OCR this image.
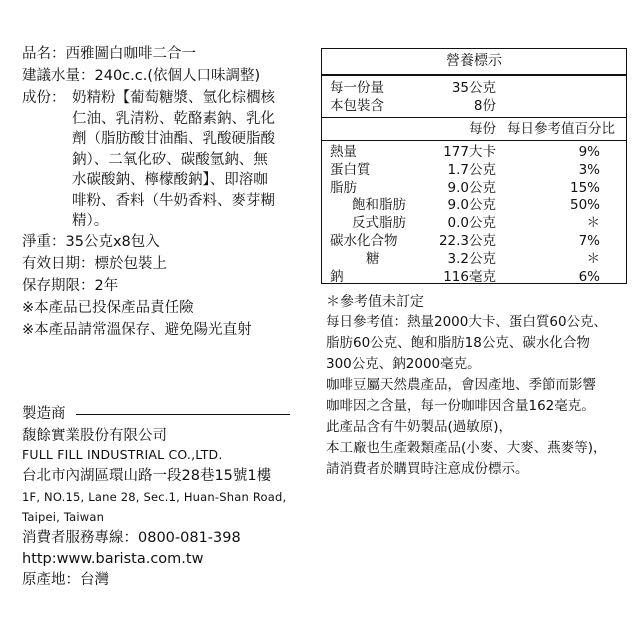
品名：西雅圖白咖啡二合一
建議水量：240c.c.(依個人口味調整)
成份： 奶精粉【葡萄糖漿、氫化棕櫚核
仁油、乳清粉、乾酪素鈉、乳化
劑（脂肪酸甘油酯、乳酸硬脂酸
鈉）、二氧化矽、碳酸氫鈉、無
水碳酸鈉、檸檬酸鈉】、即溶咖
啡粉、香料（牛奶香料、麥芽糊
精）。
淨重：35公克x8包入
有效日期：標於包裝上
保存期限：2年
※本產品已投保產品責任險
※本產品請常溫保存、避免陽光直射
營養標示
每一份量	35公克
本包裝含	8份
每份 每日參考值百分比
熱量	177大卡	9%
蛋白質	1.7公克	3%
脂肪	9.0公克	15%
飽和脂肪	9.0公克	50%
反式脂肪	0.0公克	＊
碳水化合物	22.3公克	7%
糖	3.2公克	＊
鈉	116毫克	6%
＊參考值未訂定
每日參考值：熱量2000大卡、蛋白質60公克、
脂肪60公克、飽和脂肪18公克、碳水化合物
300公克、鈉2000毫克。
咖啡豆屬天然農產品，會因產地、季節而影響
咖啡因之含量，每一份咖啡因含量162毫克。
此產品含有牛奶製品(過敏原)，
本工廠也生產穀類產品(小麥、大麥、燕麥等)，
請消費者於購買時注意成份標示。
製造商
馥餘實業股份有限公司
FULL FILL INDUSTRIAL CO.,LTD.
台北市內湖區環山路一段28巷15號1樓
1F, NO.15, Lane 28, Sec.1, Huan-Shan Road,
Taipei, Taiwan
消費者服務專線：0800-081-398
http:www.barista.com.tw
原產地：台灣
